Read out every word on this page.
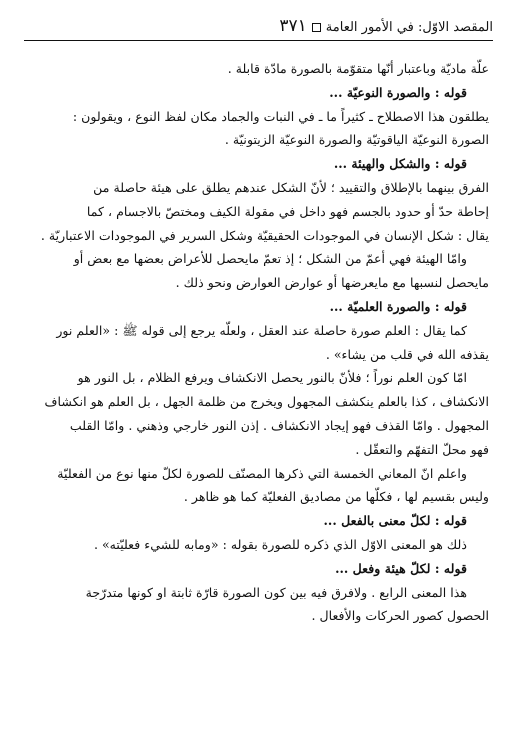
المقصد الاوّل: في الأمور العامة٣٧١
علّة ماديّة وباعتبار أنّها متقوّمة بالصورة مادّة قابلة .
قوله : والصورة النوعيّة ...
يطلقون هذا الاصطلاح ـ كثيراً ما ـ في النبات والجماد مكان لفظ النوع ، ويقولون :
الصورة النوعيّة الياقوتيّة والصورة النوعيّة الزيتونيّة .
قوله : والشكل والهيئة ...
الفرق بينهما بالإطلاق والتقييد ؛ لأنّ الشكل عندهم يطلق على هيئة حاصلة من
إحاطة حدّ أو حدود بالجسم فهو داخل في مقولة الكيف ومختصّ بالاجسام ، كما
يقال : شكل الإنسان في الموجودات الحقيقيّة وشكل السرير في الموجودات الاعتباريّة .
وامّا الهيئة فهي أعمّ من الشكل ؛ إذ تعمّ مايحصل للأعراض بعضها مع بعض أو
مايحصل لنسبها مع مايعرضها أو عوارض العوارض ونحو ذلك .
قوله : والصورة العلميّة ...
كما يقال : العلم صورة حاصلة عند العقل ، ولعلّه يرجع إلى قوله ﷺ : «العلم نور
يقذفه الله في قلب من يشاء» .
امّا كون العلم نوراً ؛ فلأنّ بالنور يحصل الانكشاف ويرفع الظلام ، بل النور هو
الانكشاف ، كذا بالعلم ينكشف المجهول ويخرج من ظلمة الجهل ، بل العلم هو انكشاف
المجهول . وامّا القذف فهو إيجاد الانكشاف . إذن النور خارجي وذهني . وامّا القلب
فهو محلّ التفهّم والتعقّل .
واعلم انّ المعاني الخمسة التي ذكرها المصنّف للصورة لكلّ منها نوع من الفعليّة
وليس بقسيم لها ، فكلّها من مصاديق الفعليّة كما هو ظاهر .
قوله : لكلّ معنى بالفعل ...
ذلك هو المعنى الاوّل الذي ذكره للصورة بقوله : «ومابه للشيء فعليّته» .
قوله : لكلّ هيئة وفعل ...
هذا المعنى الرابع . ولافرق فيه بين كون الصورة قارّة ثابتة او كونها متدرّجة
الحصول كصور الحركات والأفعال .
